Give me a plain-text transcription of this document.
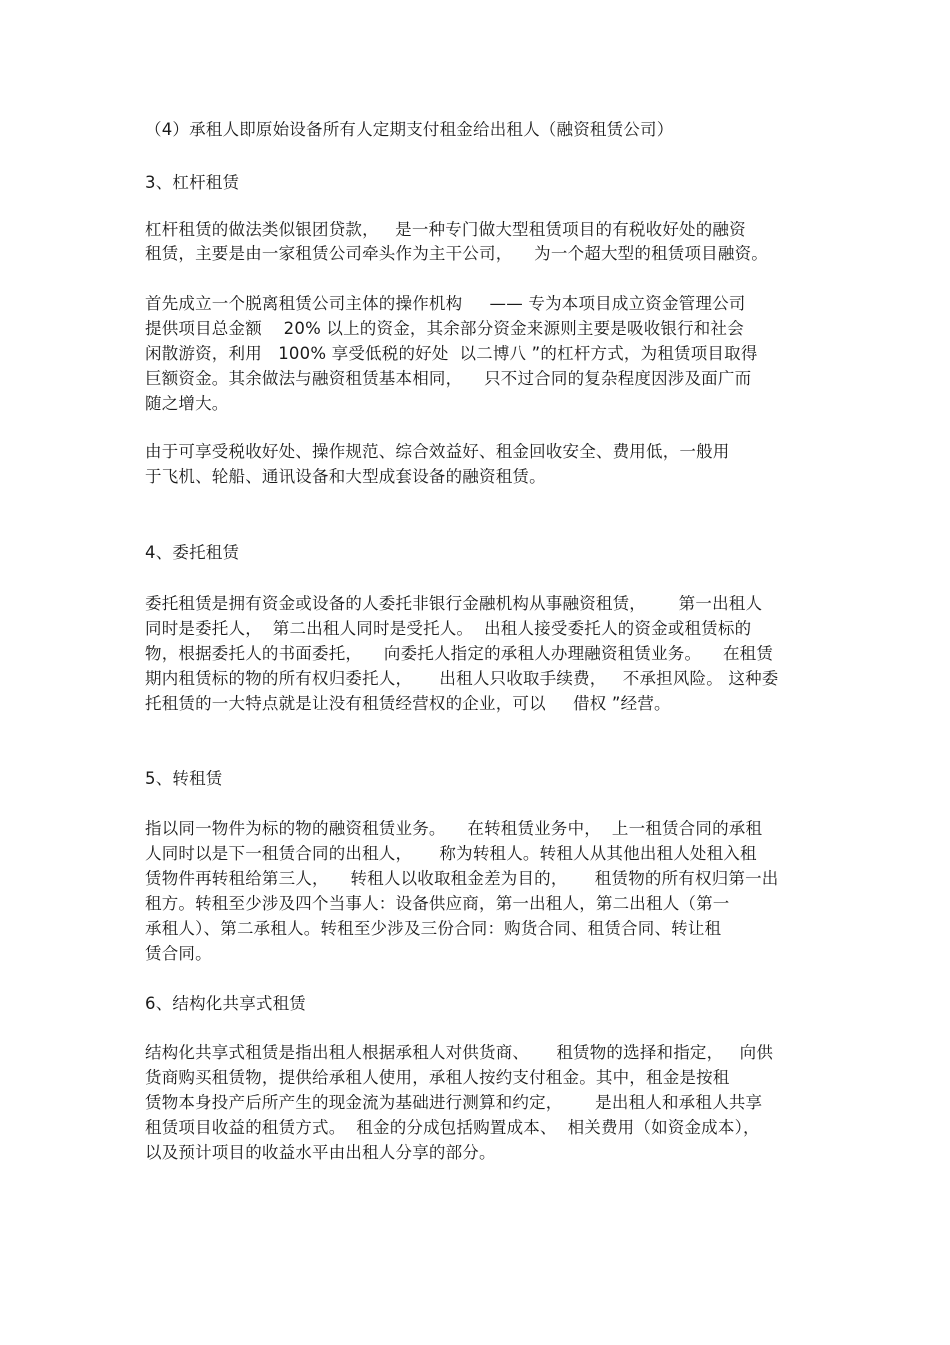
（4）承租人即原始设备所有人定期支付租金给出租人（融资租赁公司）
3、杠杆租赁
杠杆租赁的做法类似银团贷款，   是一种专门做大型租赁项目的有税收好处的融资
租赁，主要是由一家租赁公司牵头作为主干公司，    为一个超大型的租赁项目融资。
首先成立一个脱离租赁公司主体的操作机构     —— 专为本项目成立资金管理公司
提供项目总金额    20% 以上的资金，其余部分资金来源则主要是吸收银行和社会
闲散游资，利用   100% 享受低税的好处  以二博八 ”的杠杆方式，为租赁项目取得
巨额资金。其余做法与融资租赁基本相同，    只不过合同的复杂程度因涉及面广而
随之增大。
由于可享受税收好处、操作规范、综合效益好、租金回收安全、费用低，一般用
于飞机、轮船、通讯设备和大型成套设备的融资租赁。
4、委托租赁
委托租赁是拥有资金或设备的人委托非银行金融机构从事融资租赁，      第一出租人
同时是委托人，  第二出租人同时是受托人。  出租人接受委托人的资金或租赁标的
物，根据委托人的书面委托，    向委托人指定的承租人办理融资租赁业务。    在租赁
期内租赁标的物的所有权归委托人，     出租人只收取手续费，   不承担风险。 这种委
托租赁的一大特点就是让没有租赁经营权的企业，可以     借权 ”经营。
5、转租赁
指以同一物件为标的物的融资租赁业务。    在转租赁业务中，  上一租赁合同的承租
人同时以是下一租赁合同的出租人，     称为转租人。转租人从其他出租人处租入租
赁物件再转租给第三人，    转租人以收取租金差为目的，     租赁物的所有权归第一出
租方。转租至少涉及四个当事人：设备供应商，第一出租人，第二出租人（第一
承租人）、第二承租人。转租至少涉及三份合同：购货合同、租赁合同、转让租
赁合同。
6、结构化共享式租赁
结构化共享式租赁是指出租人根据承租人对供货商、     租赁物的选择和指定，   向供
货商购买租赁物，提供给承租人使用，承租人按约支付租金。其中，租金是按租
赁物本身投产后所产生的现金流为基础进行测算和约定，      是出租人和承租人共享
租赁项目收益的租赁方式。  租金的分成包括购置成本、  相关费用（如资金成本），
以及预计项目的收益水平由出租人分享的部分。
